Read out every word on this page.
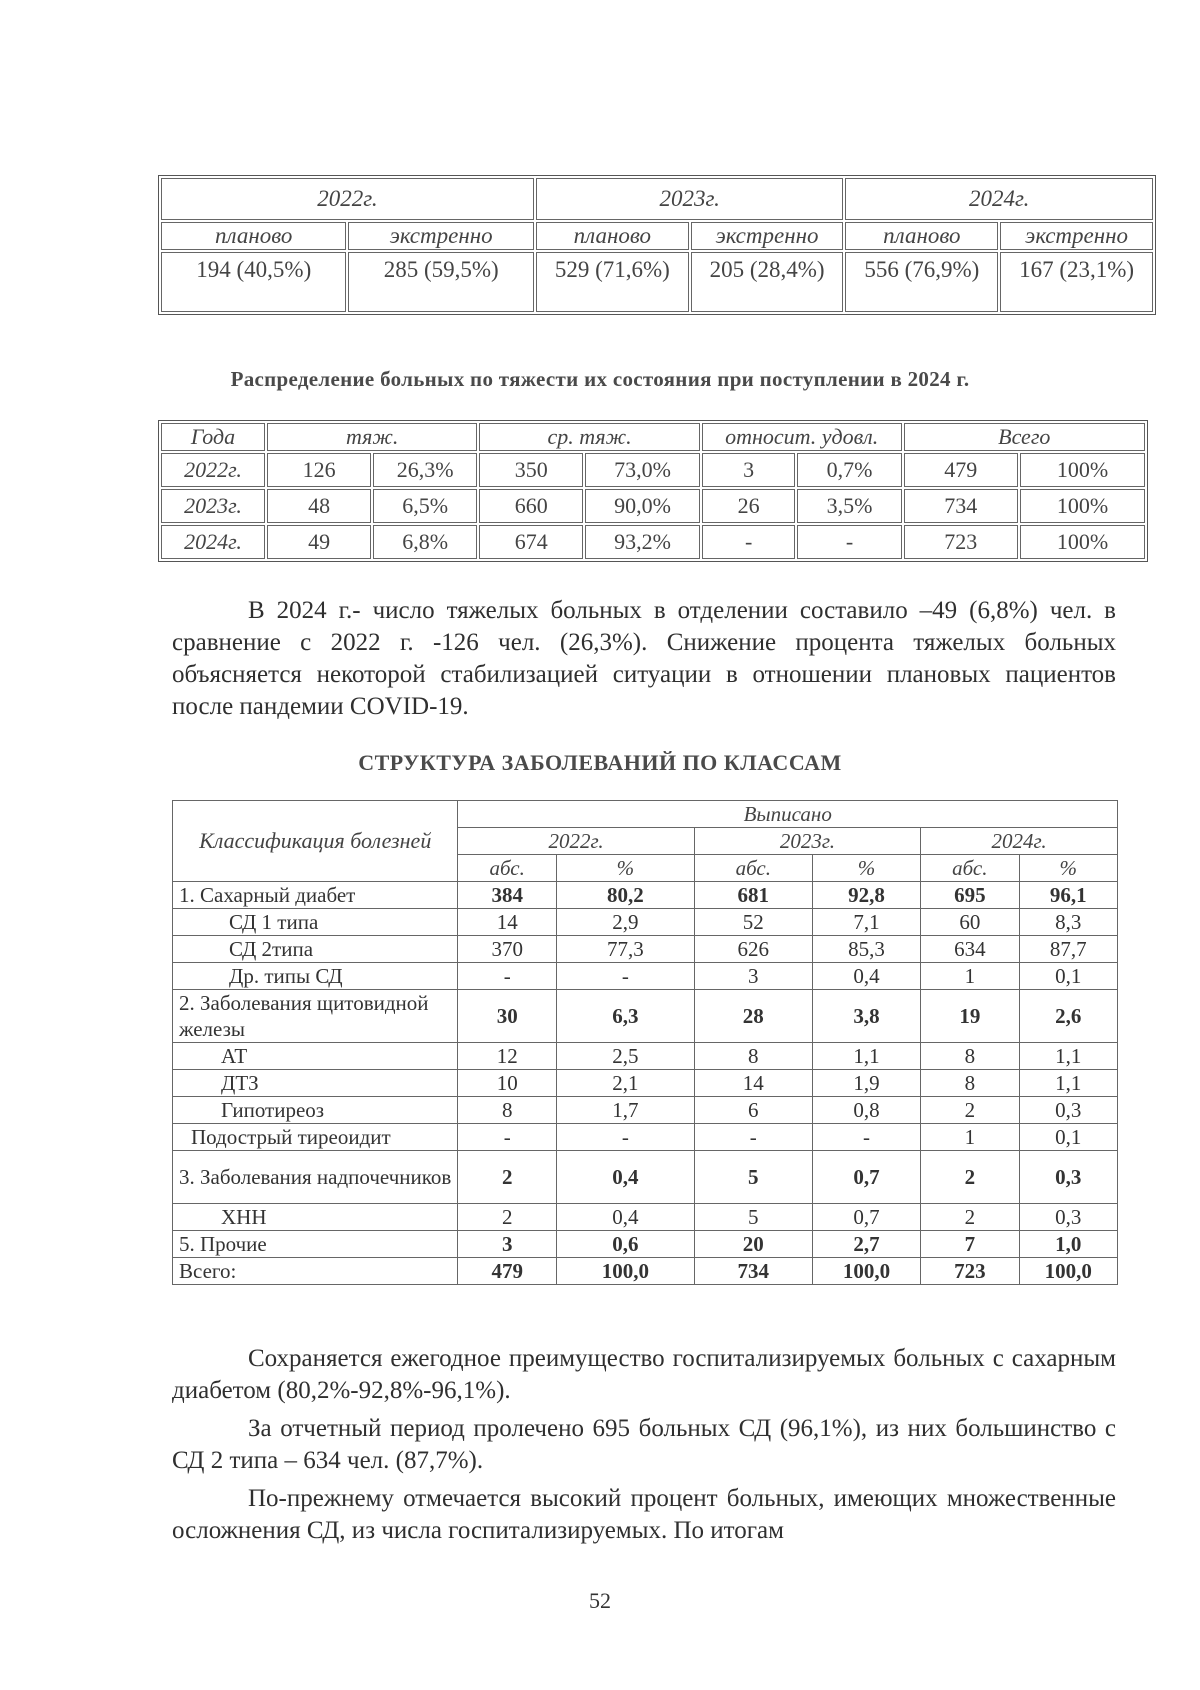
2022г.		2023г.		2024г.	
планово	экстренно	планово	экстренно	планово	экстренно
194 (40,5%)	285 (59,5%)	529 (71,6%)	205 (28,4%)	556 (76,9%)	167 (23,1%)
Распределение больных по тяжести их состояния при поступлении в 2024 г.
Года	тяж.		ср. тяж.		относит. удовл.		Всего	
2022г.	126	26,3%	350	73,0%	3	0,7%	479	100%
2023г.	48	6,5%	660	90,0%	26	3,5%	734	100%
2024г.	49	6,8%	674	93,2%	-	-	723	100%

В 2024 г.- число тяжелых больных в отделении составило –49 (6,8%) чел. в сравнение с 2022 г. -126 чел. (26,3%). Снижение процента тяжелых больных объясняется некоторой стабилизацией ситуации в отношении плановых пациентов после пандемии COVID-19.

СТРУКТУРА ЗАБОЛЕВАНИЙ ПО КЛАССАМ
Классификация болезней	Выписано					
	2022г.		2023г.		2024г.	
	абс.	%	абс.	%	абс.	%
1. Сахарный диабет	384	80,2	681	92,8	695	96,1
СД 1 типа	14	2,9	52	7,1	60	8,3
СД 2типа	370	77,3	626	85,3	634	87,7
Др. типы СД	-	-	3	0,4	1	0,1
2. Заболевания щитовидной железы	30	6,3	28	3,8	19	2,6
АТ	12	2,5	8	1,1	8	1,1
ДТЗ	10	2,1	14	1,9	8	1,1
Гипотиреоз	8	1,7	6	0,8	2	0,3
Подострый тиреоидит	-	-	-	-	1	0,1
3. Заболевания надпочечников	2	0,4	5	0,7	2	0,3
ХНН	2	0,4	5	0,7	2	0,3
5. Прочие	3	0,6	20	2,7	7	1,0
Всего:	479	100,0	734	100,0	723	100,0

Сохраняется ежегодное преимущество госпитализируемых больных с сахарным диабетом (80,2%-92,8%-96,1%).

За отчетный период пролечено 695 больных СД (96,1%), из них большинство с СД 2 типа – 634 чел. (87,7%).

По-прежнему отмечается высокий процент больных, имеющих множественные осложнения СД, из числа госпитализируемых. По итогам

52
